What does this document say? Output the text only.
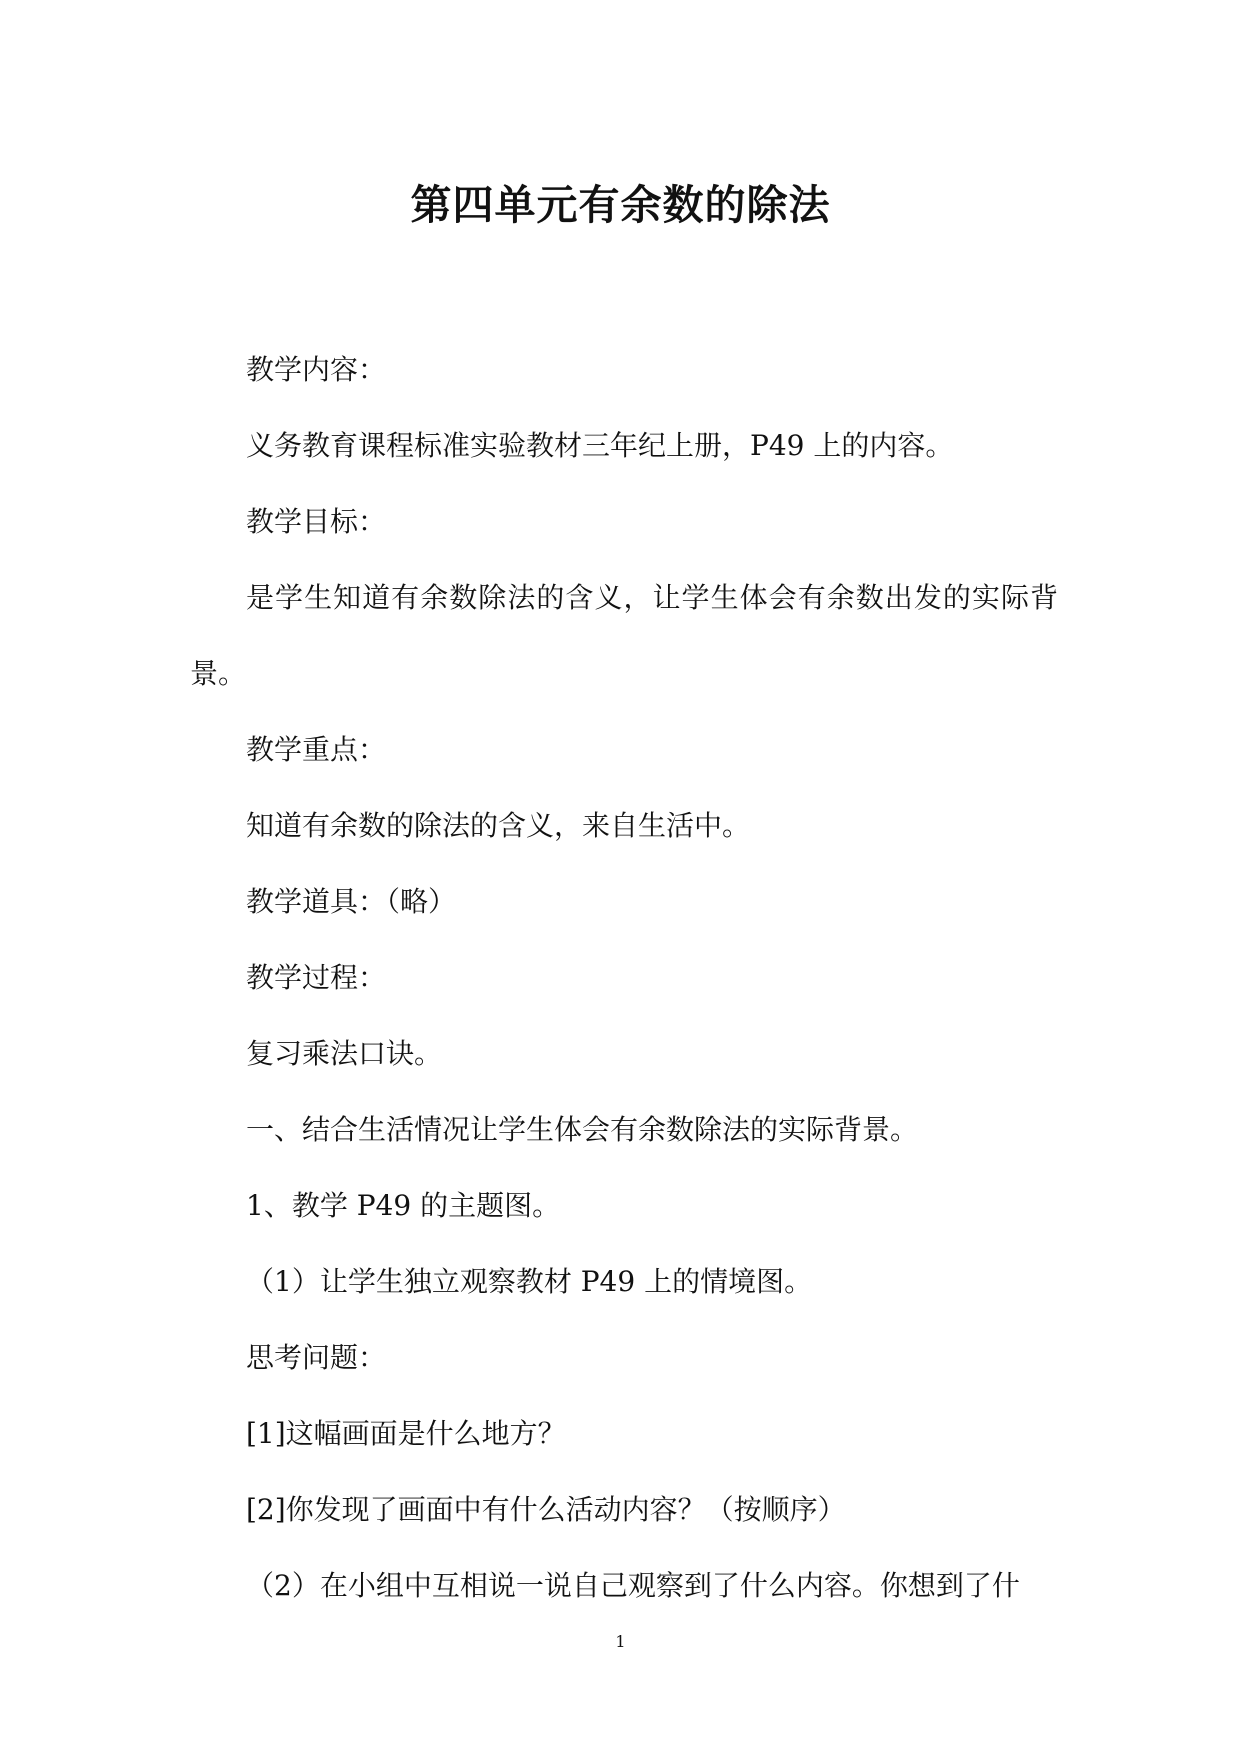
第四单元有余数的除法

教学内容：

义务教育课程标准实验教材三年纪上册，P49 上的内容。

教学目标：

是学生知道有余数除法的含义，让学生体会有余数出发的实际背景。

教学重点：

知道有余数的除法的含义，来自生活中。

教学道具：（略）

教学过程：

复习乘法口诀。

一、结合生活情况让学生体会有余数除法的实际背景。

1、教学 P49 的主题图。

（1）让学生独立观察教材 P49 上的情境图。

思考问题：

[1]这幅画面是什么地方？

[2]你发现了画面中有什么活动内容？（按顺序）

（2）在小组中互相说一说自己观察到了什么内容。你想到了什

1
